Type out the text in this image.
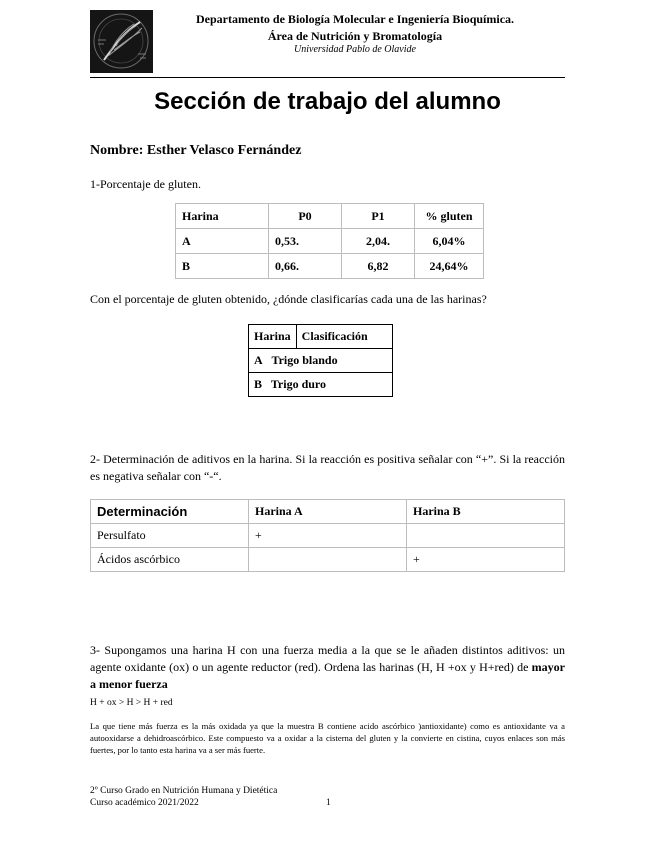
Departamento de Biología Molecular e Ingeniería Bioquímica.
Área de Nutrición y Bromatología
Universidad Pablo de Olavide
Sección de trabajo del alumno
Nombre: Esther Velasco Fernández
1-Porcentaje de gluten.
Harina	P0	P1	% gluten
A	0,53.	2,04.	6,04%
B	0,66.	6,82	24,64%
Con el porcentaje de gluten obtenido, ¿dónde clasificarías cada una de las harinas?
Harina	Clasificación
A Trigo blando
B Trigo duro
2- Determinación de aditivos en la harina. Si la reacción es positiva señalar con “+”. Si la reacción es negativa señalar con “-“.
Determinación	Harina A	Harina B
Persulfato	+	
Ácidos ascórbico		+
3- Supongamos una harina H con una fuerza media a la que se le añaden distintos aditivos: un agente oxidante (ox) o un agente reductor (red). Ordena las harinas (H, H +ox y H+red) de mayor a menor fuerza
H + ox > H > H + red
La que tiene más fuerza es la más oxidada ya que la muestra B contiene acido ascórbico )antioxidante) como es antioxidante va a autooxidarse a dehidroascórbico. Este compuesto va a oxidar a la cisterna del gluten y la convierte en cistina, cuyos enlaces son más fuertes, por lo tanto esta harina va a ser más fuerte.
2º Curso Grado en Nutrición Humana y Dietética
Curso académico 2021/2022	1
